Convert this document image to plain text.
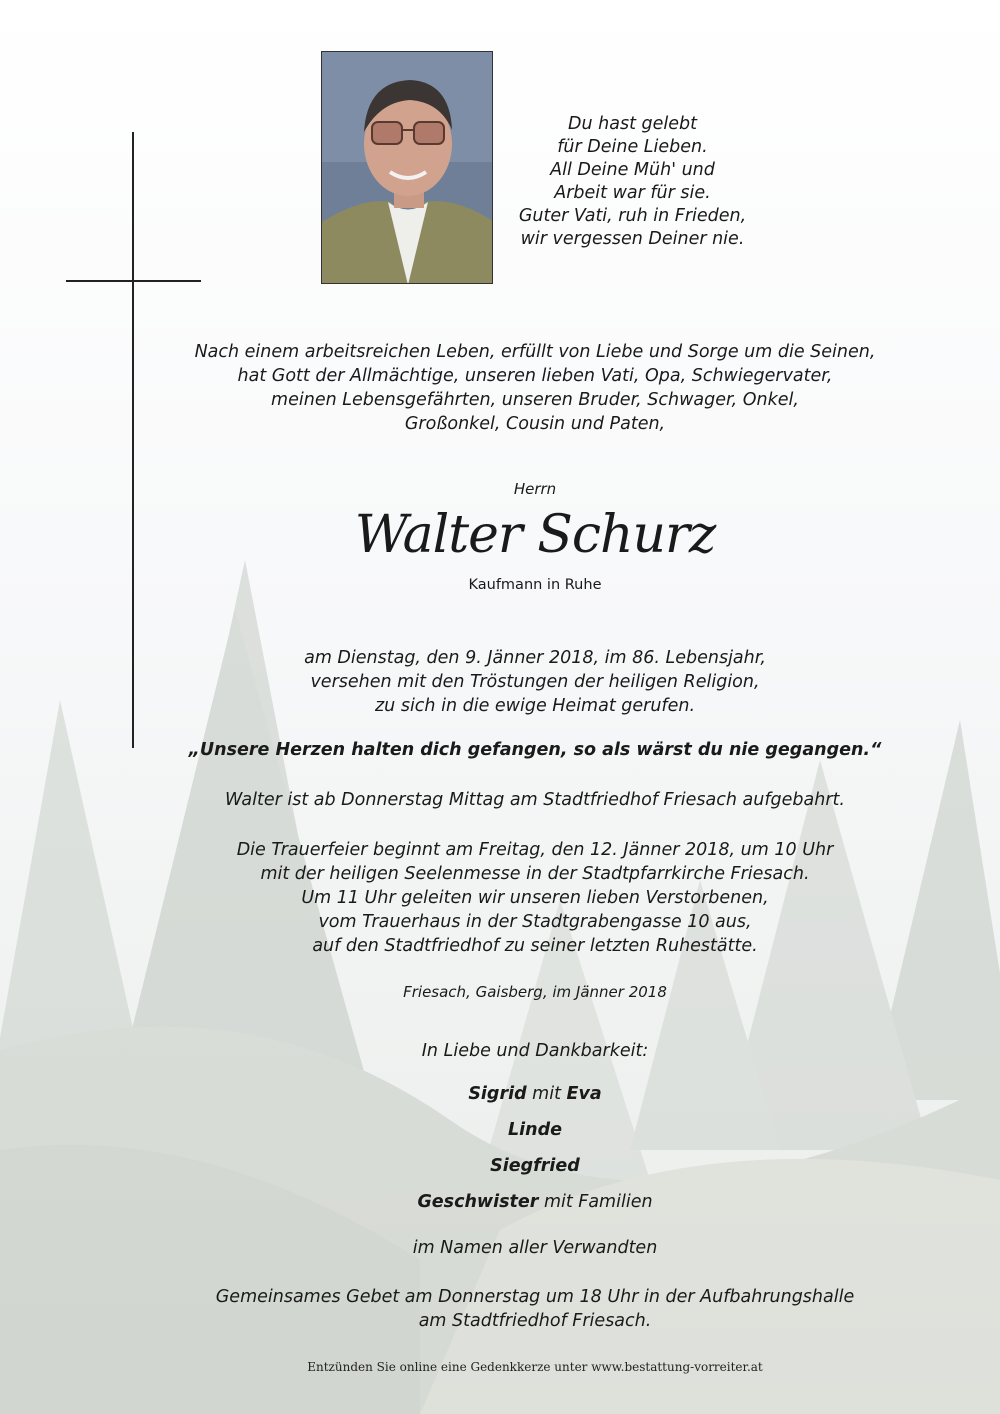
Du hast gelebt
für Deine Lieben.
All Deine Müh' und
Arbeit war für sie.
Guter Vati, ruh in Frieden,
wir vergessen Deiner nie.
Nach einem arbeitsreichen Leben, erfüllt von Liebe und Sorge um die Seinen,
hat Gott der Allmächtige, unseren lieben Vati, Opa, Schwiegervater,
meinen Lebensgefährten, unseren Bruder, Schwager, Onkel,
Großonkel, Cousin und Paten,
Herrn
Walter Schurz
Kaufmann in Ruhe
am Dienstag, den 9. Jänner 2018, im 86. Lebensjahr,
versehen mit den Tröstungen der heiligen Religion,
zu sich in die ewige Heimat gerufen.
„Unsere Herzen halten dich gefangen, so als wärst du nie gegangen.“
Walter ist ab Donnerstag Mittag am Stadtfriedhof Friesach aufgebahrt.
Die Trauerfeier beginnt am Freitag, den 12. Jänner 2018, um 10 Uhr
mit der heiligen Seelenmesse in der Stadtpfarrkirche Friesach.
Um 11 Uhr geleiten wir unseren lieben Verstorbenen,
vom Trauerhaus in der Stadtgrabengasse 10 aus,
auf den Stadtfriedhof zu seiner letzten Ruhestätte.
Friesach, Gaisberg, im Jänner 2018
In Liebe und Dankbarkeit:
Sigrid mit Eva
Linde
Siegfried
Geschwister mit Familien
im Namen aller Verwandten
Gemeinsames Gebet am Donnerstag um 18 Uhr in der Aufbahrungshalle
am Stadtfriedhof Friesach.
Entzünden Sie online eine Gedenkkerze unter www.bestattung-vorreiter.at
